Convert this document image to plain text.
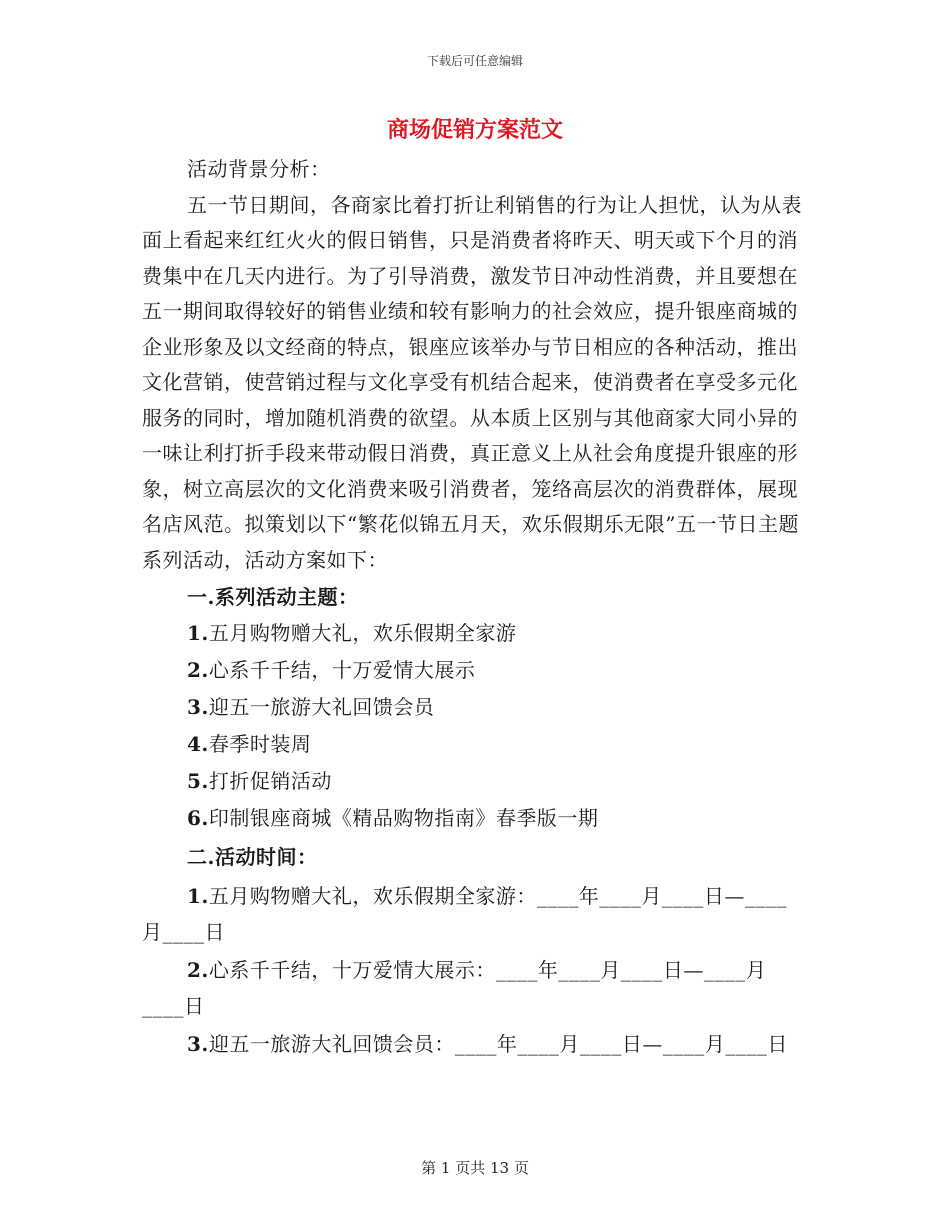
下载后可任意编辑
商场促销方案范文

活动背景分析：

五一节日期间，各商家比着打折让利销售的行为让人担忧，认为从表面上看起来红红火火的假日销售，只是消费者将昨天、明天或下个月的消费集中在几天内进行。为了引导消费，激发节日冲动性消费，并且要想在五一期间取得较好的销售业绩和较有影响力的社会效应，提升银座商城的企业形象及以文经商的特点，银座应该举办与节日相应的各种活动，推出文化营销，使营销过程与文化享受有机结合起来，使消费者在享受多元化服务的同时，增加随机消费的欲望。从本质上区别与其他商家大同小异的一味让利打折手段来带动假日消费，真正意义上从社会角度提升银座的形象，树立高层次的文化消费来吸引消费者，笼络高层次的消费群体，展现名店风范。拟策划以下“繁花似锦五月天，欢乐假期乐无限”五一节日主题系列活动，活动方案如下：

一.系列活动主题：

1.五月购物赠大礼，欢乐假期全家游

2.心系千千结，十万爱情大展示

3.迎五一旅游大礼回馈会员

4.春季时装周

5.打折促销活动

6.印制银座商城《精品购物指南》春季版一期

二.活动时间：

1.五月购物赠大礼，欢乐假期全家游：____年____月____日—____月____日

2.心系千千结，十万爱情大展示：____年____月____日—____月____日

3.迎五一旅游大礼回馈会员：____年____月____日—____月____日

第 1 页共 13 页
